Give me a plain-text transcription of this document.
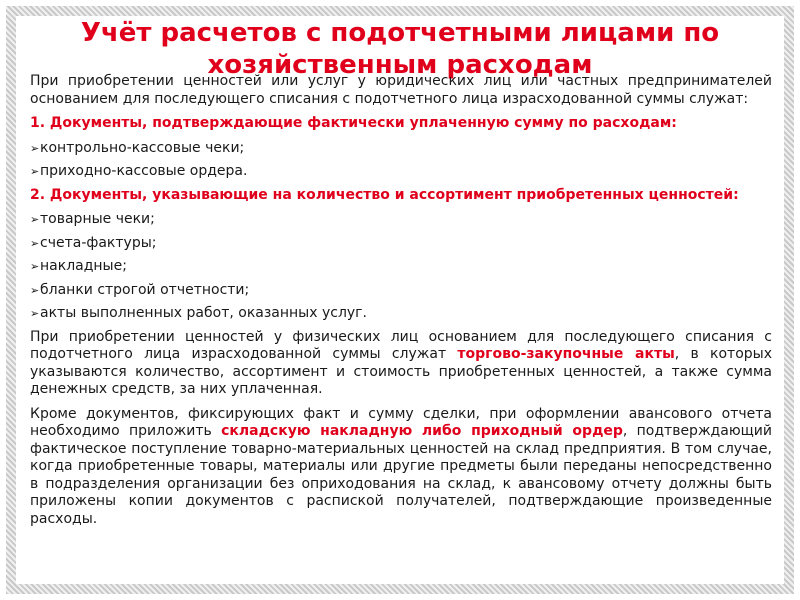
Учёт расчетов с подотчетными лицами по хозяйственным расходам

При приобретении ценностей или услуг у юридических лиц или частных предпринимателей основанием для последующего списания с подотчетного лица израсходованной суммы служат:

1. Документы, подтверждающие фактически уплаченную сумму по расходам:
➢контрольно-кассовые чеки;
➢приходно-кассовые ордера.
2. Документы, указывающие на количество и ассортимент приобретенных ценностей:
➢товарные чеки;
➢счета-фактуры;
➢накладные;
➢бланки строгой отчетности;
➢акты выполненных работ, оказанных услуг.

При приобретении ценностей у физических лиц основанием для последующего списания с подотчетного лица израсходованной суммы служат торгово-закупочные акты, в которых указываются количество, ассортимент и стоимость приобретенных ценностей, а также сумма денежных средств, за них уплаченная.

Кроме документов, фиксирующих факт и сумму сделки, при оформлении авансового отчета необходимо приложить складскую накладную либо приходный ордер, подтверждающий фактическое поступление товарно-материальных ценностей на склад предприятия. В том случае, когда приобретенные товары, материалы или другие предметы были переданы непосредственно в подразделения организации без оприходования на склад, к авансовому отчету должны быть приложены копии документов с распиской получателей, подтверждающие произведенные расходы.
